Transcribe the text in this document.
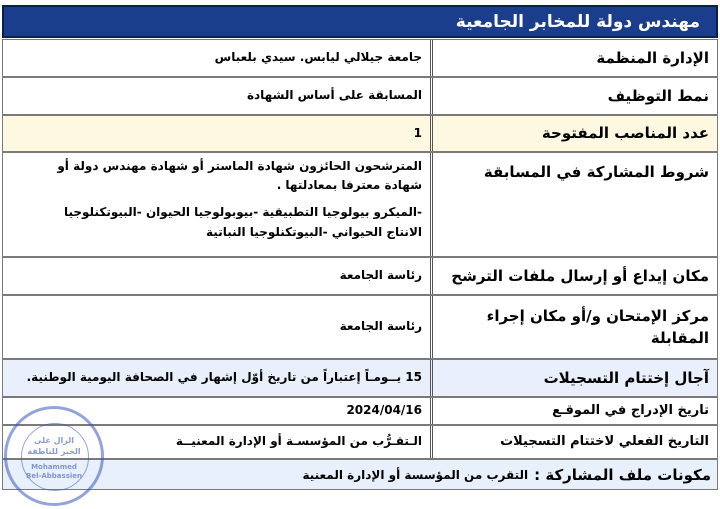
مهندس دولة للمخابر الجامعية
الإدارة المنظمة
جامعة جيلالي ليابس. سيدي بلعباس
نمط التوظيف
المسابقة على أساس الشهادة
عدد المناصب المفتوحة
1
شروط المشاركة في المسابقة

المترشحون الحائزون شهادة الماستر أو شهادة مهندس دولة أو

شهادة معترفا بمعادلتها .

-الميكرو بيولوجيا التطبيقية -بيوبولوجيا الحيوان -البيوتكنلوجيا

الانتاج الحيواني -البيوتكنلوجيا النباتية

مكان إيداع أو إرسال ملفات الترشح
رئاسة الجامعة
مركز الإمتحان و/أو مكان إجراء المقابلة
رئاسة الجامعة
آجال إختتام التسجيلات
15 يــومـاً إعتباراً من تاريخ أوّل إشهار في الصحافة اليومية الوطنية.
تاريخ الإدراج في الموقـع
2024/04/16
التاريخ الفعلي لاختتام التسجيلات
الـتقـرُّب من المؤسسـة أو الإدارة المعنيــة
مكونات ملف المشاركة :
التقرب من المؤسسة أو الإدارة المعنية
الرال على
الخبر للناطقة
Mohammed
Bel-Abbassien
